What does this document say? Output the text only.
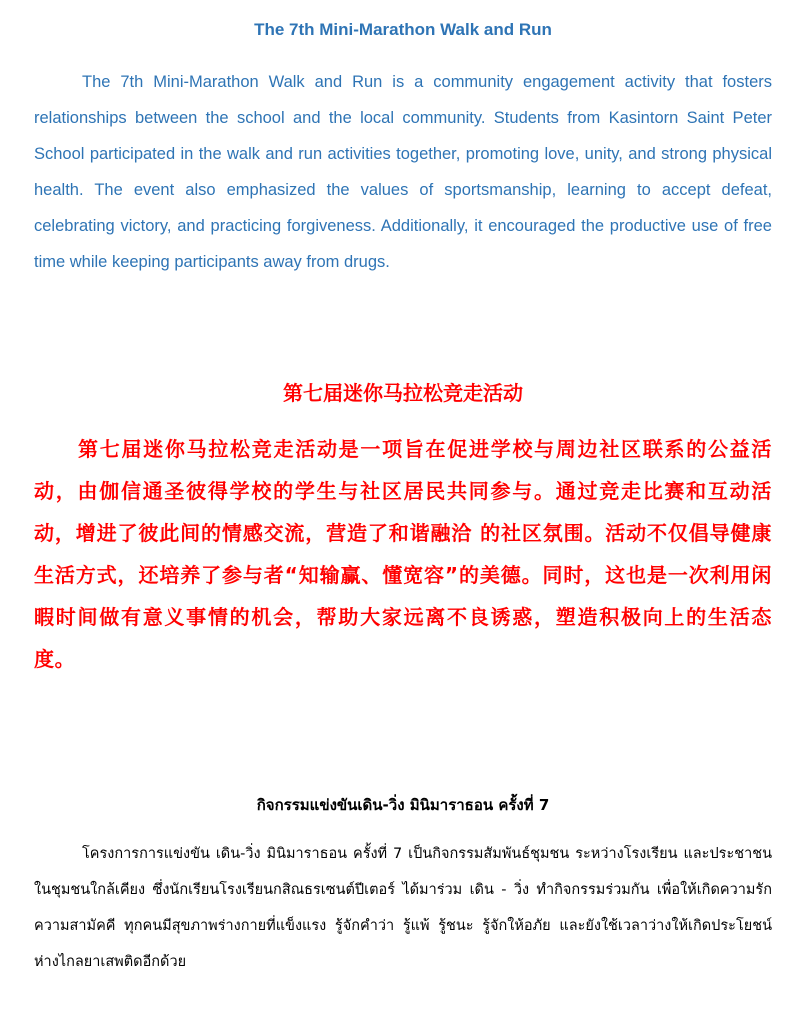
The 7th Mini-Marathon Walk and Run

The 7th Mini-Marathon Walk and Run is a community engagement activity that fosters relationships between the school and the local community. Students from Kasintorn Saint Peter School participated in the walk and run activities together, promoting love, unity, and strong physical health. The event also emphasized the values of sportsmanship, learning to accept defeat, celebrating victory, and practicing forgiveness. Additionally, it encouraged the productive use of free time while keeping participants away from drugs.

第七届迷你马拉松竞走活动

第七届迷你马拉松竞走活动是一项旨在促进学校与周边社区联系的公益活动，由伽信通圣彼得学校的学生与社区居民共同参与。通过竞走比赛和互动活动，增进了彼此间的情感交流，营造了和谐融洽 的社区氛围。活动不仅倡导健康生活方式，还培养了参与者“知输赢、懂宽容”的美德。同时，这也是一次利用闲暇时间做有意义事情的机会，帮助大家远离不良诱惑，塑造积极向上的生活态度。

กิจกรรมแข่งขันเดิน-วิ่ง มินิมาราธอน ครั้งที่ 7

โครงการการแข่งขัน เดิน-วิ่ง มินิมาราธอน ครั้งที่ 7 เป็นกิจกรรมสัมพันธ์ชุมชน ระหว่างโรงเรียน และประชาชนในชุมชนใกล้เคียง ซึ่งนักเรียนโรงเรียนกสิณธรเซนต์ปีเตอร์ ได้มาร่วม เดิน - วิ่ง ทำกิจกรรมร่วมกัน เพื่อให้เกิดความรัก ความสามัคคี ทุกคนมีสุขภาพร่างกายที่แข็งแรง รู้จักคำว่า รู้แพ้ รู้ชนะ รู้จักให้อภัย และยังใช้เวลาว่างให้เกิดประโยชน์ ห่างไกลยาเสพติดอีกด้วย
